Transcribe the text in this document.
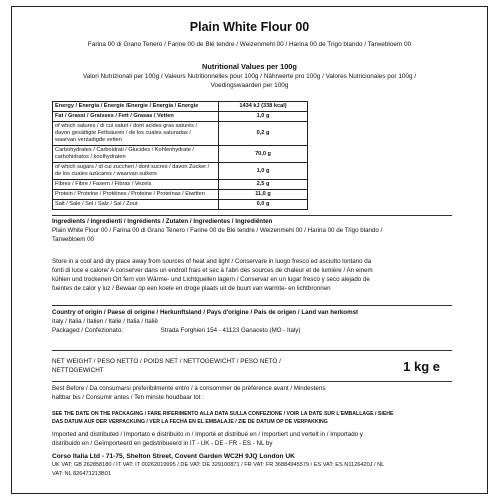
Plain White Flour 00
Farina 00 di Grano Tenero / Farine 00 de Blé tendre / Weizenmehl 00 / Harina 00 de Trigo blando / Tarwebloem 00
Nutritional Values per 100g
Valori Nutrizionali per 100g / Valeurs Nutritionnelles pour 100g / Nährwerte pro 100g / Valores Nutricionales por 100g /
Voedingswaarden per 100g
Energy / Energia / Énergie /Energie / Energía / Energie	1434 kJ (338 kcal)
Fat / Grassi / Graisses / Fett / Grasas / Vetten	1,0 g

of which satures / di cui saturi / dont acides gras saturés /
davon gesättigte Fettsäuren / de los cuales saturadas /
waarvan verzadigde vetten	0,2 g

Carbohydrates / Carboidrati / Glucides / Kohlenhydrate /
carbohidratos / koolhydraten	70,0 g

of which sugars / di cui zuccheri / dont sucres / davon Zucker /
de los cuales azúcares / waarvan suikers	1,0 g
Fibres / Fibre / Fasern / Fibras / Vezels	2,5 g
Protein / Proteine / Protéines / Proteine / Proteínas / Eiwitten	11,0 g
Salt / Sale / Sel / Salz / Sal / Zout	0,0 g
Ingredients / Ingredienti / Ingrédients / Zutaten / Ingredientes / Ingrediënten
Plain White Flour 00 / Farina 00 di Grano Tenero / Farine 00 de Blé tendre / Weizenmehl 00 / Harina 00 de Trigo blando /
Tarwebloem 00
Store in a cool and dry place away from sources of heat and light / Conservare in luogo fresco ed asciutto lontano da
fonti di luce e calore/ A conserver dans un endroit frais et sec à l'abri des sources de chaleur et de lumière / An einem
kühlen und trockenen Ort fern von Wärme- und Lichtquellen lagern / Conservar en un lugar fresco y seco alejado de
fuentes de calor y luz / Bewaar op een koele en droge plaats uit de buurt van warmte- en lichtbronnen
Country of origin / Paese di origine / Herkunftsland / Pays d'origine / País de origen / Land van herkomst
Italy / Italia / Italien / Italie / Italia / Italië
Packaged / Confezionato:	Strada Forghieri 154 - 41123 Ganaceto (MO - Italy)
NET WEIGHT / PESO NETTO / POIDS NET / NETTOGEWICHT / PESO NETO /
NETTOGEWICHT	1 kg e
Best Before / Da consumarsi preferibilmente entro / à consommer de préférence avant / Mindestens
haltbar bis / Consumir antes / Ten minste houdbaar tot :
SEE THE DATE ON THE PACKAGING / FARE RIFERIMENTO ALLA DATA SULLA CONFEZIONE / VOIR LA DATE SUR L'EMBALLAGE / SIEHE
DAS DATUM AUF DER VERPACKUNG / VER LA FECHA EN EL EMBALAJE / ZIE DE DATUM OP DE VERPAKKING
Imported and distributed / Importato e distribuito in / Importé et distribué en / Importiert und vertelt in / Importado y
distribuido en / Geïmporteerd en gedistribueerd in IT - UK - DE - FR - ES - NL by
Corso Italia Ltd - 71-75, Shelton Street, Covent Garden WC2H 9JQ London UK
UK VAT: GB 262858180 / IT VAT: IT 00262019995 / DE VAT: DE 329100871 / FR VAT: FR 36884945579 / ES VAT: ES N1126420J / NL
VAT: NL 826471213B01
